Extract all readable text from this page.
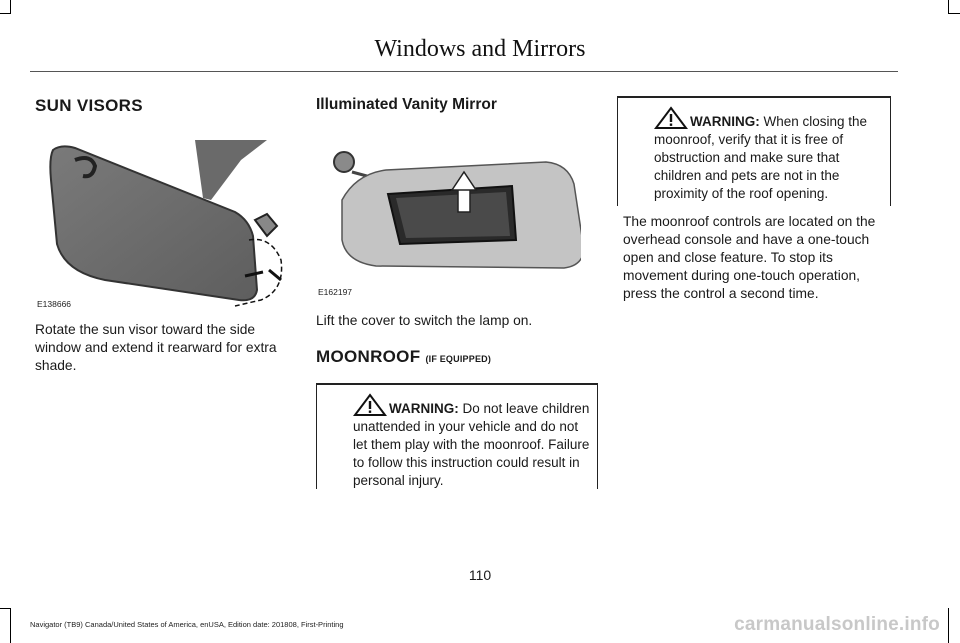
Windows and Mirrors
SUN VISORS
E138666

Rotate the sun visor toward the side window and extend it rearward for extra shade.

Illuminated Vanity Mirror
E162197

Lift the cover to switch the lamp on.

MOONROOF (IF EQUIPPED)
WARNING: Do not leave children unattended in your vehicle and do not let them play with the moonroof. Failure to follow this instruction could result in personal injury.
WARNING: When closing the moonroof, verify that it is free of obstruction and make sure that children and pets are not in the proximity of the roof opening.

The moonroof controls are located on the overhead console and have a one-touch open and close feature. To stop its movement during one-touch operation, press the control a second time.

110
Navigator (TB9) Canada/United States of America, enUSA, Edition date: 201808, First-Printing	carmanualsonline.info
